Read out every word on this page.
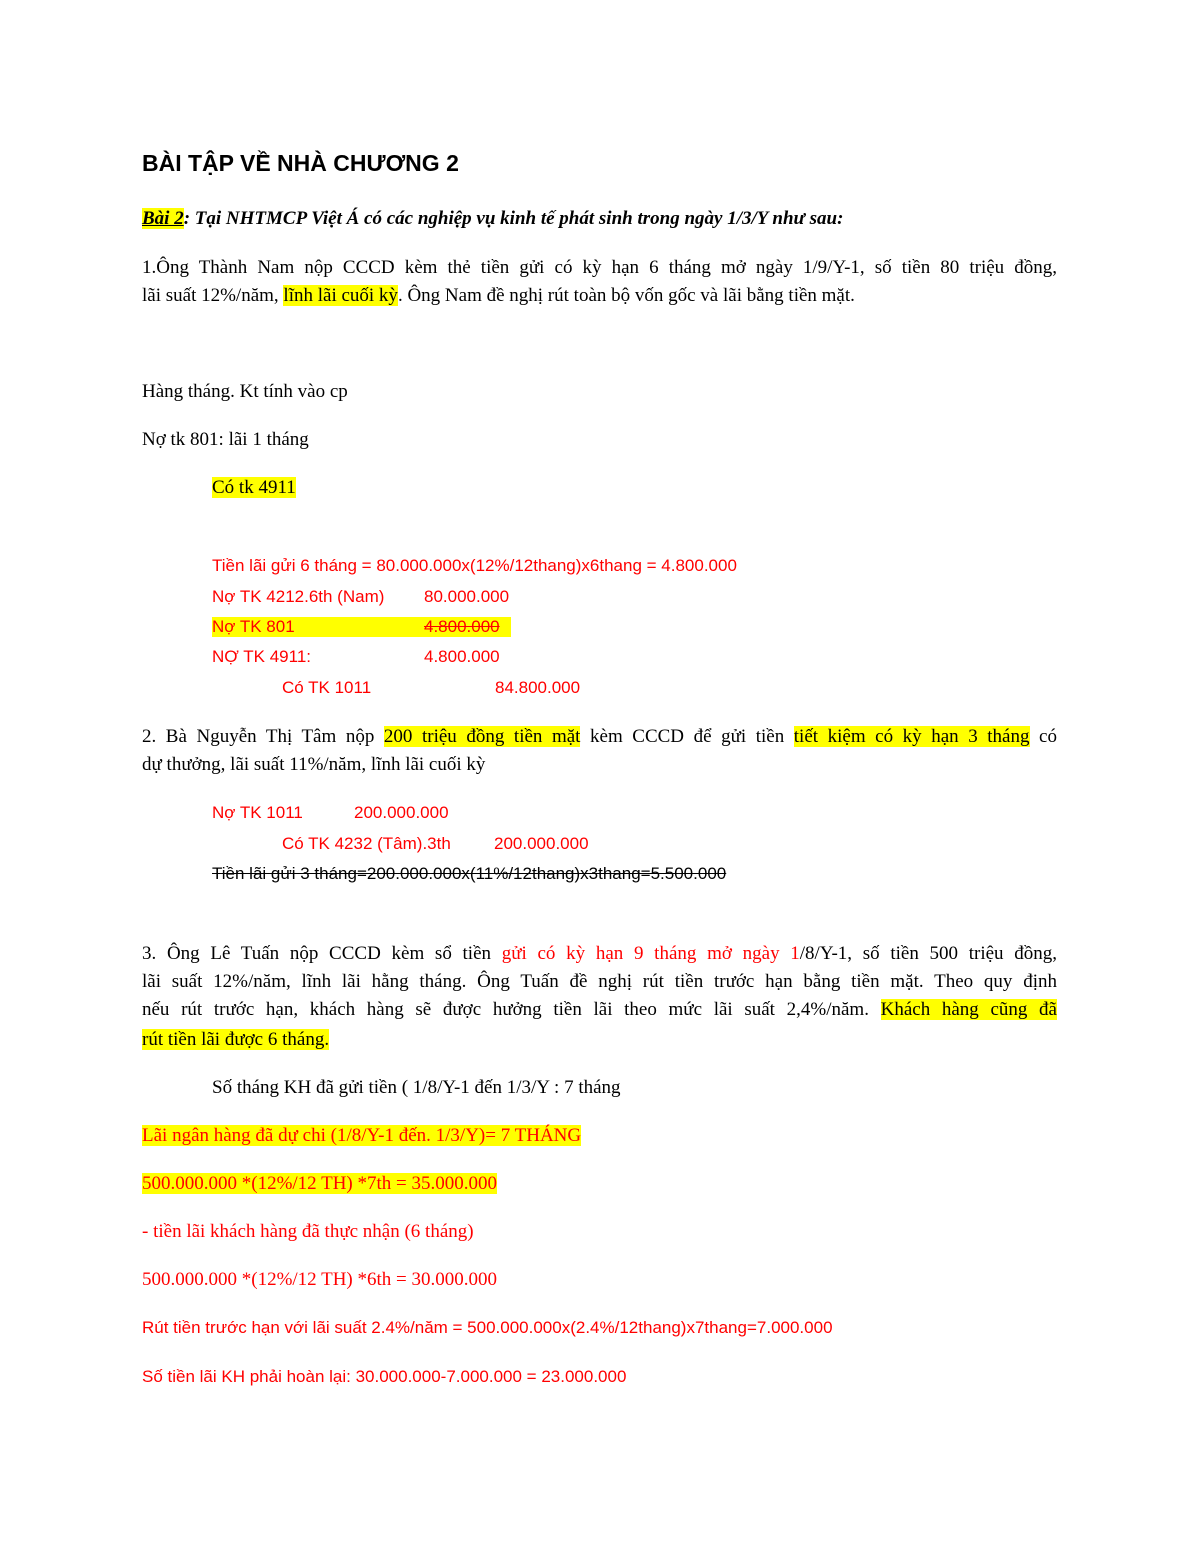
BÀI TẬP VỀ NHÀ CHƯƠNG 2
Bài 2: Tại NHTMCP Việt Á có các nghiệp vụ kinh tế phát sinh trong ngày 1/3/Y như sau:
1.Ông Thành Nam nộp CCCD kèm thẻ tiền gửi có kỳ hạn 6 tháng mở ngày 1/9/Y-1, số tiền 80 triệu đồng,
lãi suất 12%/năm, lĩnh lãi cuối kỳ. Ông Nam đề nghị rút toàn bộ vốn gốc và lãi bằng tiền mặt.
Hàng tháng. Kt tính vào cp
Nợ tk 801: lãi 1 tháng
Có tk 4911
Tiền lãi gửi 6 tháng = 80.000.000x(12%/12thang)x6thang = 4.800.000
Nợ TK 4212.6th (Nam) 80.000.000
Nợ TK 801	4.800.000
NỢ TK 4911:	4.800.000
Có TK 1011	84.800.000
2. Bà Nguyễn Thị Tâm nộp 200 triệu đồng tiền mặt kèm CCCD để gửi tiền tiết kiệm có kỳ hạn 3 tháng có
dự thưởng, lãi suất 11%/năm, lĩnh lãi cuối kỳ
Nợ TK 1011	200.000.000
Có TK 4232 (Tâm).3th	200.000.000
Tiền lãi gửi 3 tháng=200.000.000x(11%/12thang)x3thang=5.500.000
3. Ông Lê Tuấn nộp CCCD kèm sổ tiền gửi có kỳ hạn 9 tháng mở ngày 1/8/Y-1, số tiền 500 triệu đồng,
lãi suất 12%/năm, lĩnh lãi hằng tháng. Ông Tuấn đề nghị rút tiền trước hạn bằng tiền mặt. Theo quy định
nếu rút trước hạn, khách hàng sẽ được hưởng tiền lãi theo mức lãi suất 2,4%/năm. Khách hàng cũng đã
rút tiền lãi được 6 tháng.
Số tháng KH đã gửi tiền ( 1/8/Y-1 đến 1/3/Y : 7 tháng
Lãi ngân hàng đã dự chi (1/8/Y-1 đến. 1/3/Y)= 7 THÁNG
500.000.000 *(12%/12 TH) *7th = 35.000.000
- tiền lãi khách hàng đã thực nhận (6 tháng)
500.000.000 *(12%/12 TH) *6th = 30.000.000
Rút tiền trước hạn với lãi suất 2.4%/năm = 500.000.000x(2.4%/12thang)x7thang=7.000.000
Số tiền lãi KH phải hoàn lại: 30.000.000-7.000.000 = 23.000.000
